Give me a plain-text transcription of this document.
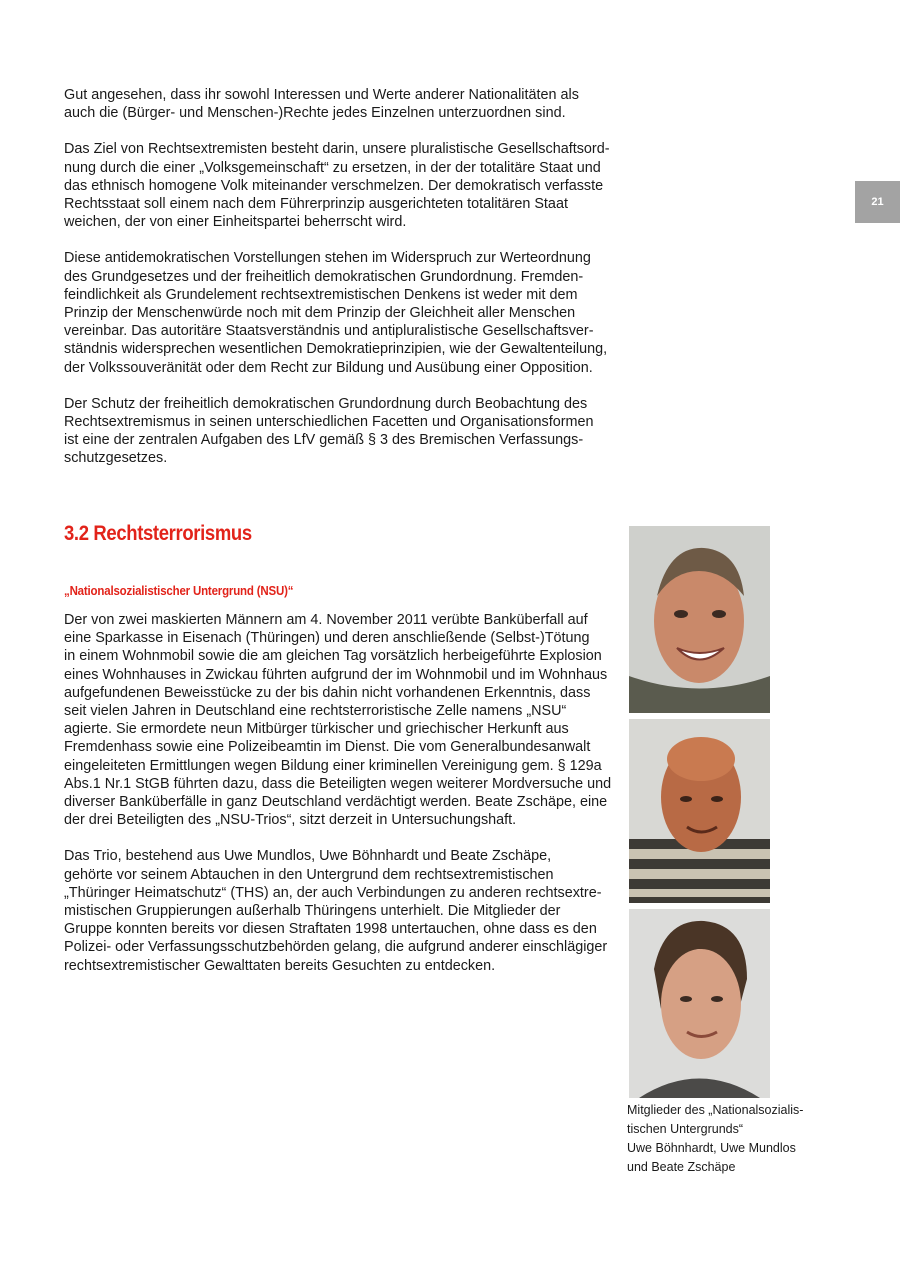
21

Gut angesehen, dass ihr sowohl Interessen und Werte anderer Nationalitäten als
auch die (Bürger- und Menschen-)Rechte jedes Einzelnen unterzuordnen sind.

Das Ziel von Rechtsextremisten besteht darin, unsere pluralistische Gesellschaftsord-
nung durch die einer „Volksgemeinschaft“ zu ersetzen, in der der totalitäre Staat und
das ethnisch homogene Volk miteinander verschmelzen. Der demokratisch verfasste
Rechtsstaat soll einem nach dem Führerprinzip ausgerichteten totalitären Staat
weichen, der von einer Einheitspartei beherrscht wird.

Diese antidemokratischen Vorstellungen stehen im Widerspruch zur Werteordnung
des Grundgesetzes und der freiheitlich demokratischen Grundordnung. Fremden-
feindlichkeit als Grundelement rechtsextremistischen Denkens ist weder mit dem
Prinzip der Menschenwürde noch mit dem Prinzip der Gleichheit aller Menschen
vereinbar. Das autoritäre Staatsverständnis und antipluralistische Gesellschaftsver-
ständnis widersprechen wesentlichen Demokratieprinzipien, wie der Gewaltenteilung,
der Volkssouveränität oder dem Recht zur Bildung und Ausübung einer Opposition.

Der Schutz der freiheitlich demokratischen Grundordnung durch Beobachtung des
Rechtsextremismus in seinen unterschiedlichen Facetten und Organisationsformen
ist eine der zentralen Aufgaben des LfV gemäß § 3 des Bremischen Verfassungs-
schutzgesetzes.

3.2 Rechtsterrorismus
„Nationalsozialistischer Untergrund (NSU)“

Der von zwei maskierten Männern am 4. November 2011 verübte Banküberfall auf
eine Sparkasse in Eisenach (Thüringen) und deren anschließende (Selbst-)Tötung
in einem Wohnmobil sowie die am gleichen Tag vorsätzlich herbeigeführte Explosion
eines Wohnhauses in Zwickau führten aufgrund der im Wohnmobil und im Wohnhaus
aufgefundenen Beweisstücke zu der bis dahin nicht vorhandenen Erkenntnis, dass
seit vielen Jahren in Deutschland eine rechtsterroristische Zelle namens „NSU“
agierte. Sie ermordete neun Mitbürger türkischer und griechischer Herkunft aus
Fremdenhass sowie eine Polizeibeamtin im Dienst. Die vom Generalbundesanwalt
eingeleiteten Ermittlungen wegen Bildung einer kriminellen Vereinigung gem. § 129a
Abs.1 Nr.1 StGB führten dazu, dass die Beteiligten wegen weiterer Mordversuche und
diverser Banküberfälle in ganz Deutschland verdächtigt werden. Beate Zschäpe, eine
der drei Beteiligten des „NSU-Trios“, sitzt derzeit in Untersuchungshaft.

Das Trio, bestehend aus Uwe Mundlos, Uwe Böhnhardt und Beate Zschäpe,
gehörte vor seinem Abtauchen in den Untergrund dem rechtsextremistischen
„Thüringer Heimatschutz“ (THS) an, der auch Verbindungen zu anderen rechtsextre-
mistischen Gruppierungen außerhalb Thüringens unterhielt. Die Mitglieder der
Gruppe konnten bereits vor diesen Straftaten 1998 untertauchen, ohne dass es den
Polizei- oder Verfassungsschutzbehörden gelang, die aufgrund anderer einschlägiger
rechtsextremistischer Gewalttaten bereits Gesuchten zu entdecken.

Mitglieder des „Nationalsozialis-
tischen Untergrunds“
Uwe Böhnhardt, Uwe Mundlos
und Beate Zschäpe
